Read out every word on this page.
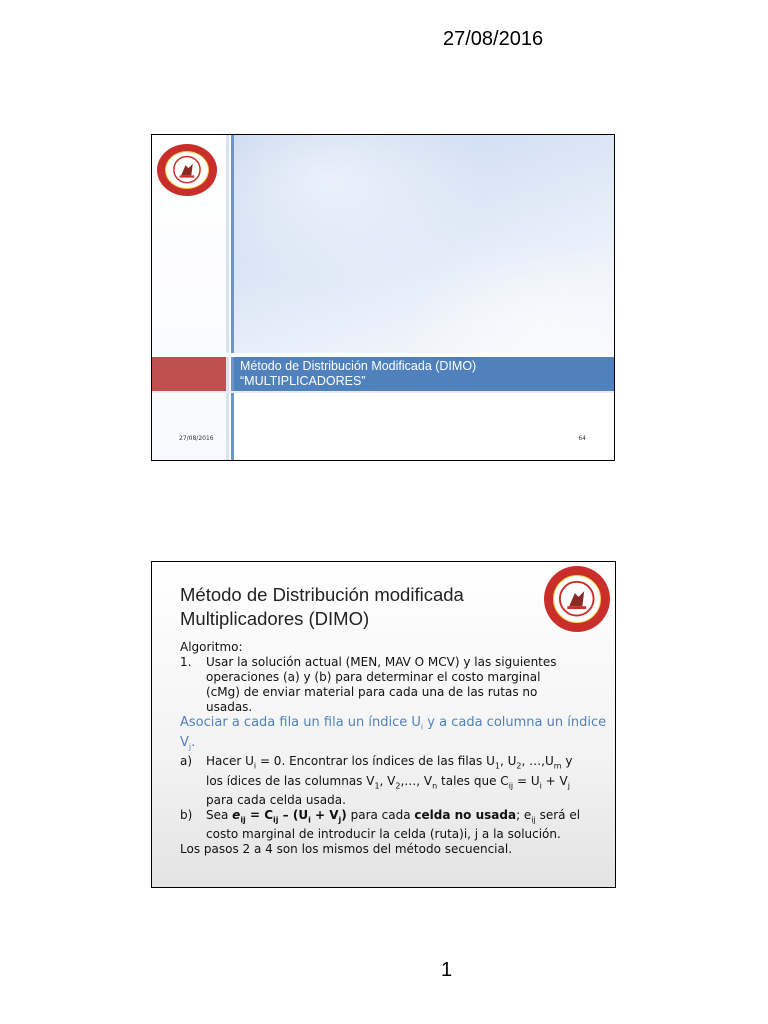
27/08/2016
Método de Distribución Modificada (DIMO)
“MULTIPLICADORES”
27/08/2016	64
Método de Distribución modificada
Multiplicadores (DIMO)
Algoritmo:
1. Usar la solución actual (MEN, MAV O MCV) y las siguientes
operaciones (a) y (b) para determinar el costo marginal
(cMg) de enviar material para cada una de las rutas no
usadas.
Asociar a cada fila un fila un índice $U_i$ y a cada columna un índice
$V_j$.
a) Hacer $U_i = 0$. Encontrar los índices de las filas $U_1$, $U_2$, $\dots,U_m$ y
los ídices de las columnas $V_1$, $V_2,\dots$, $V_n$ tales que $C_{ij} = U_i + V_j$
para cada celda usada.
b) Sea $e_{ij} = C_{ij} - (U_i + V_j)$ para cada celda no usada; $e_{ij}$ será el
costo marginal de introducir la celda (ruta)i, j a la solución.
Los pasos 2 a 4 son los mismos del método secuencial.
1
